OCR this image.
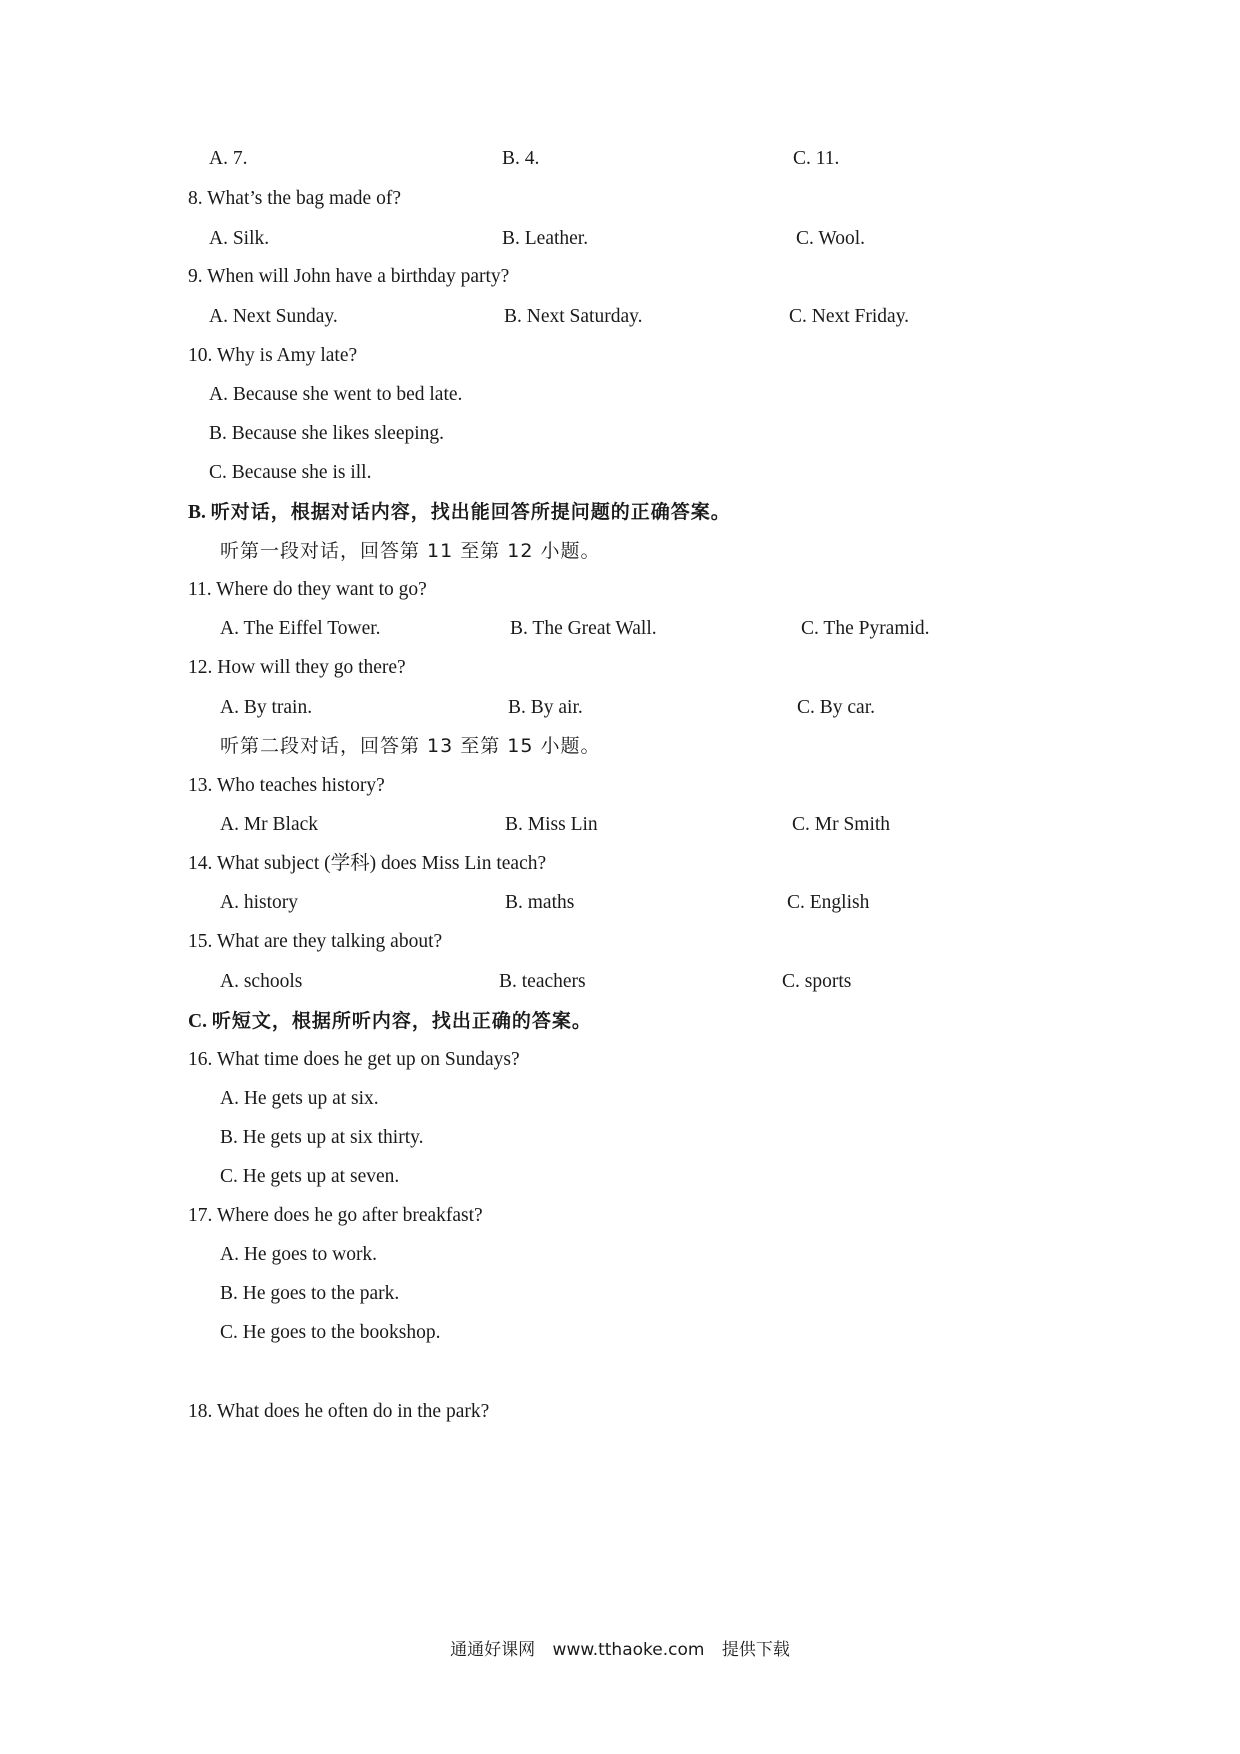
A. 7.	B. 4.	C. 11.
8. What’s the bag made of?
A. Silk.	B. Leather.	C. Wool.
9. When will John have a birthday party?
A. Next Sunday.	B. Next Saturday.	C. Next Friday.
10. Why is Amy late?
A. Because she went to bed late.
B. Because she likes sleeping.
C. Because she is ill.
B. 听对话，根据对话内容，找出能回答所提问题的正确答案。
听第一段对话，回答第 11 至第 12 小题。
11. Where do they want to go?
A. The Eiffel Tower.	B. The Great Wall.	C. The Pyramid.
12. How will they go there?
A. By train.	B. By air.	C. By car.
听第二段对话，回答第 13 至第 15 小题。
13. Who teaches history?
A. Mr Black	B. Miss Lin	C. Mr Smith
14. What subject (学科) does Miss Lin teach?
A. history	B. maths	C. English
15. What are they talking about?
A. schools	B. teachers	C. sports
C. 听短文，根据所听内容，找出正确的答案。
16. What time does he get up on Sundays?
A. He gets up at six.
B. He gets up at six thirty.
C. He gets up at seven.
17. Where does he go after breakfast?
A. He goes to work.
B. He goes to the park.
C. He goes to the bookshop.
18. What does he often do in the park?
通通好课网 www.tthaoke.com 提供下载
